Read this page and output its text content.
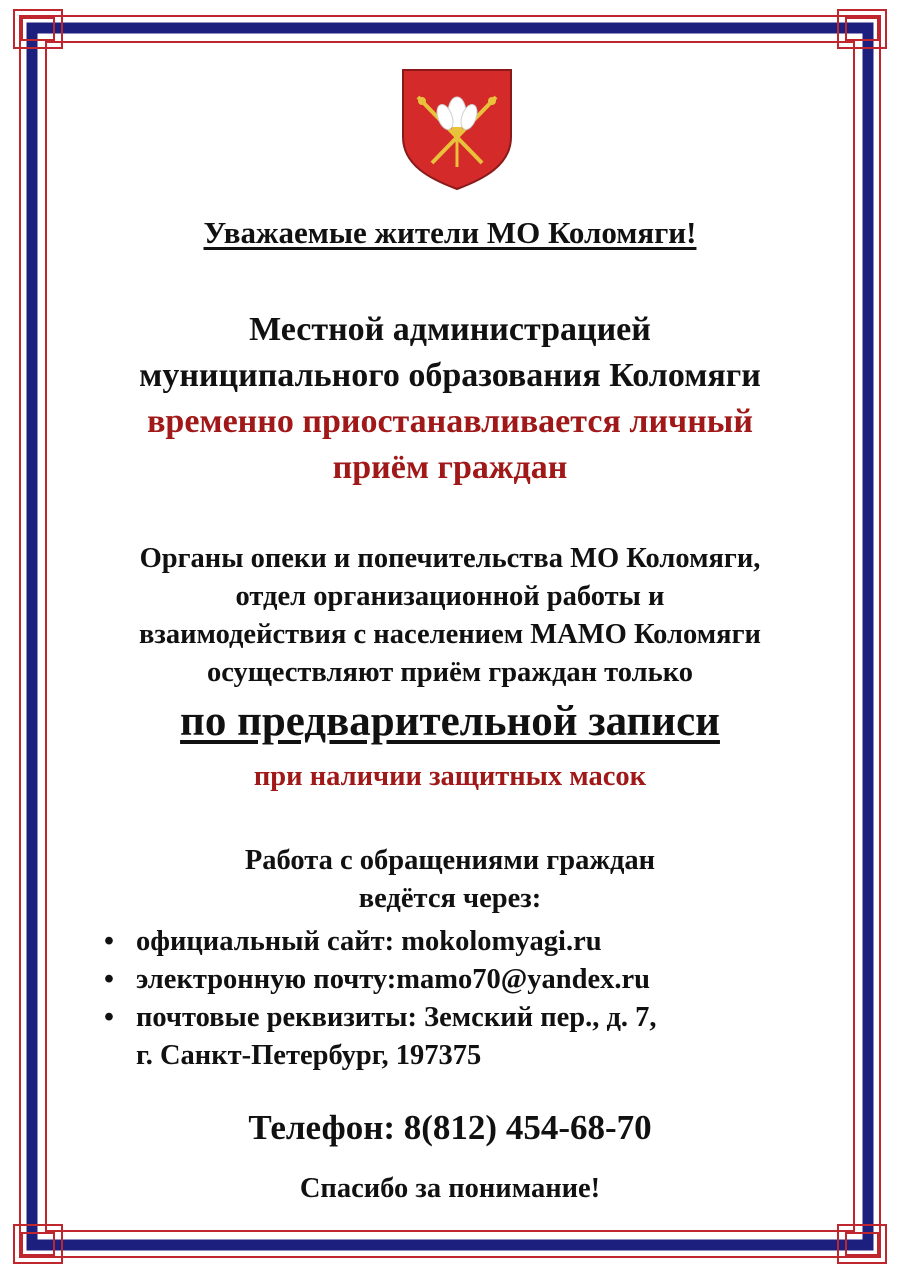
Уважаемые жители МО Коломяги!
Местной администрацией
муниципального образования Коломяги
временно приостанавливается личный
приём граждан
Органы опеки и попечительства МО Коломяги,
отдел организационной работы и
взаимодействия с населением МАМО Коломяги
осуществляют приём граждан только
по предварительной записи
при наличии защитных масок
Работа с обращениями граждан
ведётся через:
• официальный сайт: mokolomyagi.ru
• электронную почту:mamo70@yandex.ru
• почтовые реквизиты: Земский пер., д. 7,
г. Санкт-Петербург, 197375
Телефон: 8(812) 454-68-70
Спасибо за понимание!
